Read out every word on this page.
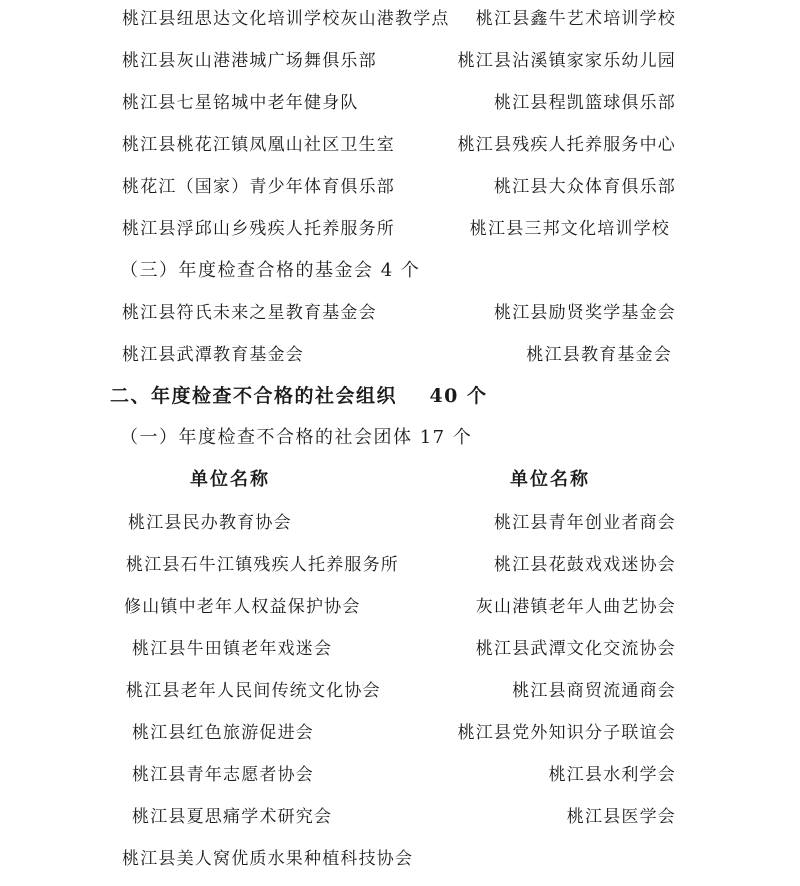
桃江县纽思达文化培训学校灰山港教学点 桃江县鑫牛艺术培训学校
桃江县灰山港港城广场舞俱乐部	桃江县沾溪镇家家乐幼儿园
桃江县七星铭城中老年健身队	桃江县程凯篮球俱乐部
桃江县桃花江镇凤凰山社区卫生室	桃江县残疾人托养服务中心
桃花江（国家）青少年体育俱乐部	桃江县大众体育俱乐部
桃江县浮邱山乡残疾人托养服务所	桃江县三邦文化培训学校
（三）年度检查合格的基金会 4 个
桃江县符氏未来之星教育基金会	桃江县励贤奖学基金会
桃江县武潭教育基金会	桃江县教育基金会
二、年度检查不合格的社会组织    40 个
（一）年度检查不合格的社会团体 17 个
单位名称	单位名称
桃江县民办教育协会	桃江县青年创业者商会
桃江县石牛江镇残疾人托养服务所	桃江县花鼓戏戏迷协会
修山镇中老年人权益保护协会	灰山港镇老年人曲艺协会
桃江县牛田镇老年戏迷会	桃江县武潭文化交流协会
桃江县老年人民间传统文化协会	桃江县商贸流通商会
桃江县红色旅游促进会	桃江县党外知识分子联谊会
桃江县青年志愿者协会	桃江县水利学会
桃江县夏思痛学术研究会	桃江县医学会
桃江县美人窝优质水果种植科技协会
